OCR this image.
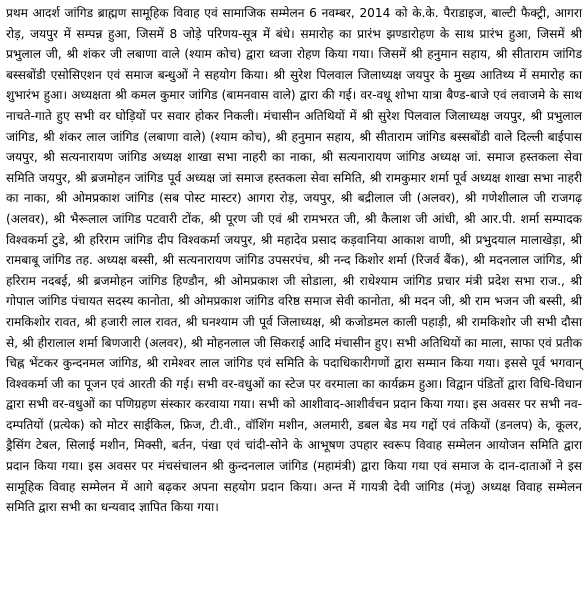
प्रथम आदर्श जांगिड ब्राह्मण सामूहिक विवाह एवं सामाजिक सम्मेलन 6 नवम्बर, 2014 को के.के. पैराडाइज, बाल्टी फैक्ट्री, आगरा रोड़, जयपुर में सम्पन्न हुआ, जिसमें 8 जोड़े परिणय-सूत्र में बंधे। समारोह का प्रारंभ झण्डारोहण के साथ प्रारंभ हुआ, जिसमें श्री प्रभुलाल जी, श्री शंकर जी लबाणा वाले (श्याम कोच) द्वारा ध्वजा रोहण किया गया। जिसमें श्री हनुमान सहाय, श्री सीताराम जांगिड बस्सबोंडी एसोसिएशन एवं समाज बन्धुओं ने सहयोग किया। श्री सुरेश पिलवाल जिलाध्यक्ष जयपुर के मुख्य आतिथ्य में समारोह का शुभारंभ हुआ। अध्यक्षता श्री कमल कुमार जांगिड (बामनवास वाले) द्वारा की गई। वर-वधू शोभा यात्रा बैण्ड-बाजे एवं लवाजमे के साथ नाचते-गाते हुए सभी वर घोड़ियों पर सवार होकर निकली। मंचासीन अतिथियों में श्री सुरेश पिलवाल जिलाध्यक्ष जयपुर, श्री प्रभुलाल जांगिड, श्री शंकर लाल जांगिड (लबाणा वाले) (श्याम कोच), श्री हनुमान सहाय, श्री सीताराम जांगिड बस्सबोंडी वाले दिल्ली बाईपास जयपुर, श्री सत्यनारायण जांगिड अध्यक्ष शाखा सभा नाहरी का नाका, श्री सत्यनारायण जांगिड अध्यक्ष जां. समाज हस्तकला सेवा समिति जयपुर, श्री ब्रजमोहन जांगिड पूर्व अध्यक्ष जां समाज हस्तकला सेवा समिति, श्री रामकुमार शर्मा पूर्व अध्यक्ष शाखा सभा नाहरी का नाका, श्री ओमप्रकाश जांगिड (सब पोस्ट मास्टर) आगरा रोड़, जयपुर, श्री बद्रीलाल जी (अलवर), श्री गणेशीलाल जी राजगढ़ (अलवर), श्री भैरूलाल जांगिड पटवारी टोंक, श्री पूरण जी एवं श्री रामभरत जी, श्री कैलाश जी आंधी, श्री आर.पी. शर्मा सम्पादक विश्वकर्मा टुडे, श्री हरिराम जांगिड दीप विश्वकर्मा जयपुर, श्री महादेव प्रसाद कड़वानिया आकाश वाणी, श्री प्रभुदयाल मालाखेड़ा, श्री रामबाबू जांगिड तह. अध्यक्ष बस्सी, श्री सत्यनारायण जांगिड उपसरपंच, श्री नन्द किशोर शर्मा (रिजर्व बैंक), श्री मदनलाल जांगिड, श्री हरिराम नदबई, श्री ब्रजमोहन जांगिड हिण्डौन, श्री ओमप्रकाश जी सोडाला, श्री राधेश्याम जांगिड प्रचार मंत्री प्रदेश सभा राज., श्री गोपाल जांगिड पंचायत सदस्य कानोता, श्री ओमप्रकाश जांगिड वरिष्ठ समाज सेवी कानोता, श्री मदन जी, श्री राम भजन जी बस्सी, श्री रामकिशोर रावत, श्री हजारी लाल रावत, श्री घनश्याम जी पूर्व जिलाध्यक्ष, श्री कजोडमल काली पहाड़ी, श्री रामकिशोर जी सभी दौसा से, श्री हीरालाल शर्मा बिणजारी (अलवर), श्री मोहनलाल जी सिकराई आदि मंचासीन हुए। सभी अतिथियों का माला, साफा एवं प्रतीक चिह्न भेंटकर कुन्दनमल जांगिड, श्री रामेश्वर लाल जांगिड एवं समिति के पदाधिकारीगणों द्वारा सम्मान किया गया। इससे पूर्व भगवान् विश्वकर्मा जी का पूजन एवं आरती की गई। सभी वर-वधुओं का स्टेज पर वरमाला का कार्यक्रम हुआ। विद्वान पंडितों द्वारा विधि-विधान द्वारा सभी वर-वधुओं का पणिग्रहण संस्कार करवाया गया। सभी को आशीवाद-आशीर्वचन प्रदान किया गया। इस अवसर पर सभी नव-दम्पतियों (प्रत्येक) को मोटर साईकिल, फ्रिज, टी.वी., वॉशिंग मशीन, अलमारी, डबल बेड मय गद्दों एवं तकियों (डनलप) के, कूलर, ड्रैसिंग टेबल, सिलाई मशीन, मिक्सी, बर्तन, पंखा एवं चांदी-सोने के आभूषण उपहार स्वरूप विवाह सम्मेलन आयोजन समिति द्वारा प्रदान किया गया। इस अवसर पर मंचसंचालन श्री कुन्दनलाल जांगिड (महामंत्री) द्वारा किया गया एवं समाज के दान-दाताओं ने इस सामूहिक विवाह सम्मेलन में आगे बढ़कर अपना सहयोग प्रदान किया। अन्त में गायत्री देवी जांगिड (मंजू) अध्यक्ष विवाह सम्मेलन समिति द्वारा सभी का धन्यवाद ज्ञापित किया गया।
